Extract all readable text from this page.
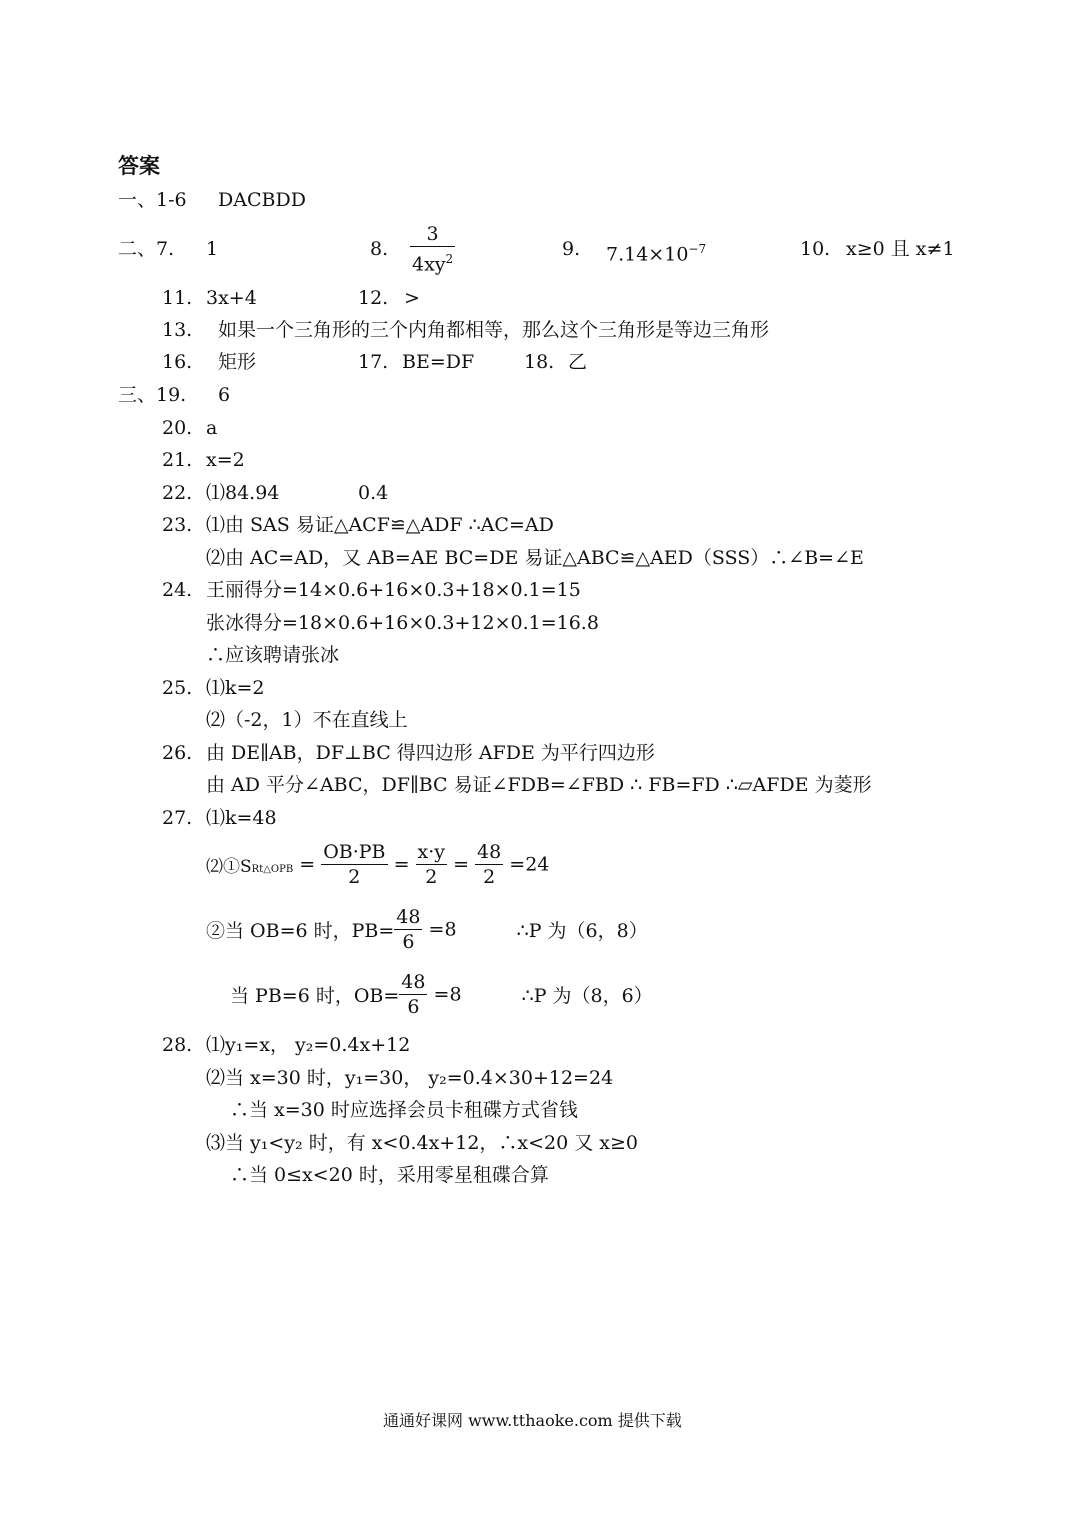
答案
一、1-6 DACBDD
二、7. 1	8. $\frac{3}{4xy^2}$	9. $7.14\times 10^{-7}$	10. x≥0 且 x≠1
11. 3x+4	12. >
13. 如果一个三角形的三个内角都相等，那么这个三角形是等边三角形
16. 矩形	17. BE=DF	18. 乙
三、19. 6
20. a
21. x=2
22. ⑴84.94	0.4
23. ⑴由 SAS 易证△ACF≌△ADF ∴AC=AD
⑵由 AC=AD，又 AB=AE BC=DE 易证△ABC≌△AED（SSS）∴∠B=∠E
24. 王丽得分=14×0.6+16×0.3+18×0.1=15
张冰得分=18×0.6+16×0.3+12×0.1=16.8
∴应该聘请张冰
25. ⑴k=2
⑵（-2，1）不在直线上
26. 由 DE∥AB，DF⊥BC 得四边形 AFDE 为平行四边形
由 AD 平分∠ABC，DF∥BC 易证∠FDB=∠FBD ∴ FB=FD ∴▱AFDE 为菱形
27. ⑴k=48
⑵①SRt△OPB = $\frac{OB\cdot PB}{2} = \frac{x\cdot y}{2} = \frac{48}{2} =24$
②当 OB=6 时，$PB= \frac{48}{6} =8$	∴P 为（6，8）
当 PB=6 时，$OB= \frac{48}{6} =8$	∴P 为（8，6）
28. ⑴y₁=x， y₂=0.4x+12
⑵当 x=30 时，y₁=30， y₂=0.4×30+12=24
∴当 x=30 时应选择会员卡租碟方式省钱
⑶当 y₁<y₂ 时，有 x<0.4x+12，∴x<20 又 x≥0
∴当 0≤x<20 时，采用零星租碟合算
通通好课网 www.tthaoke.com 提供下载
